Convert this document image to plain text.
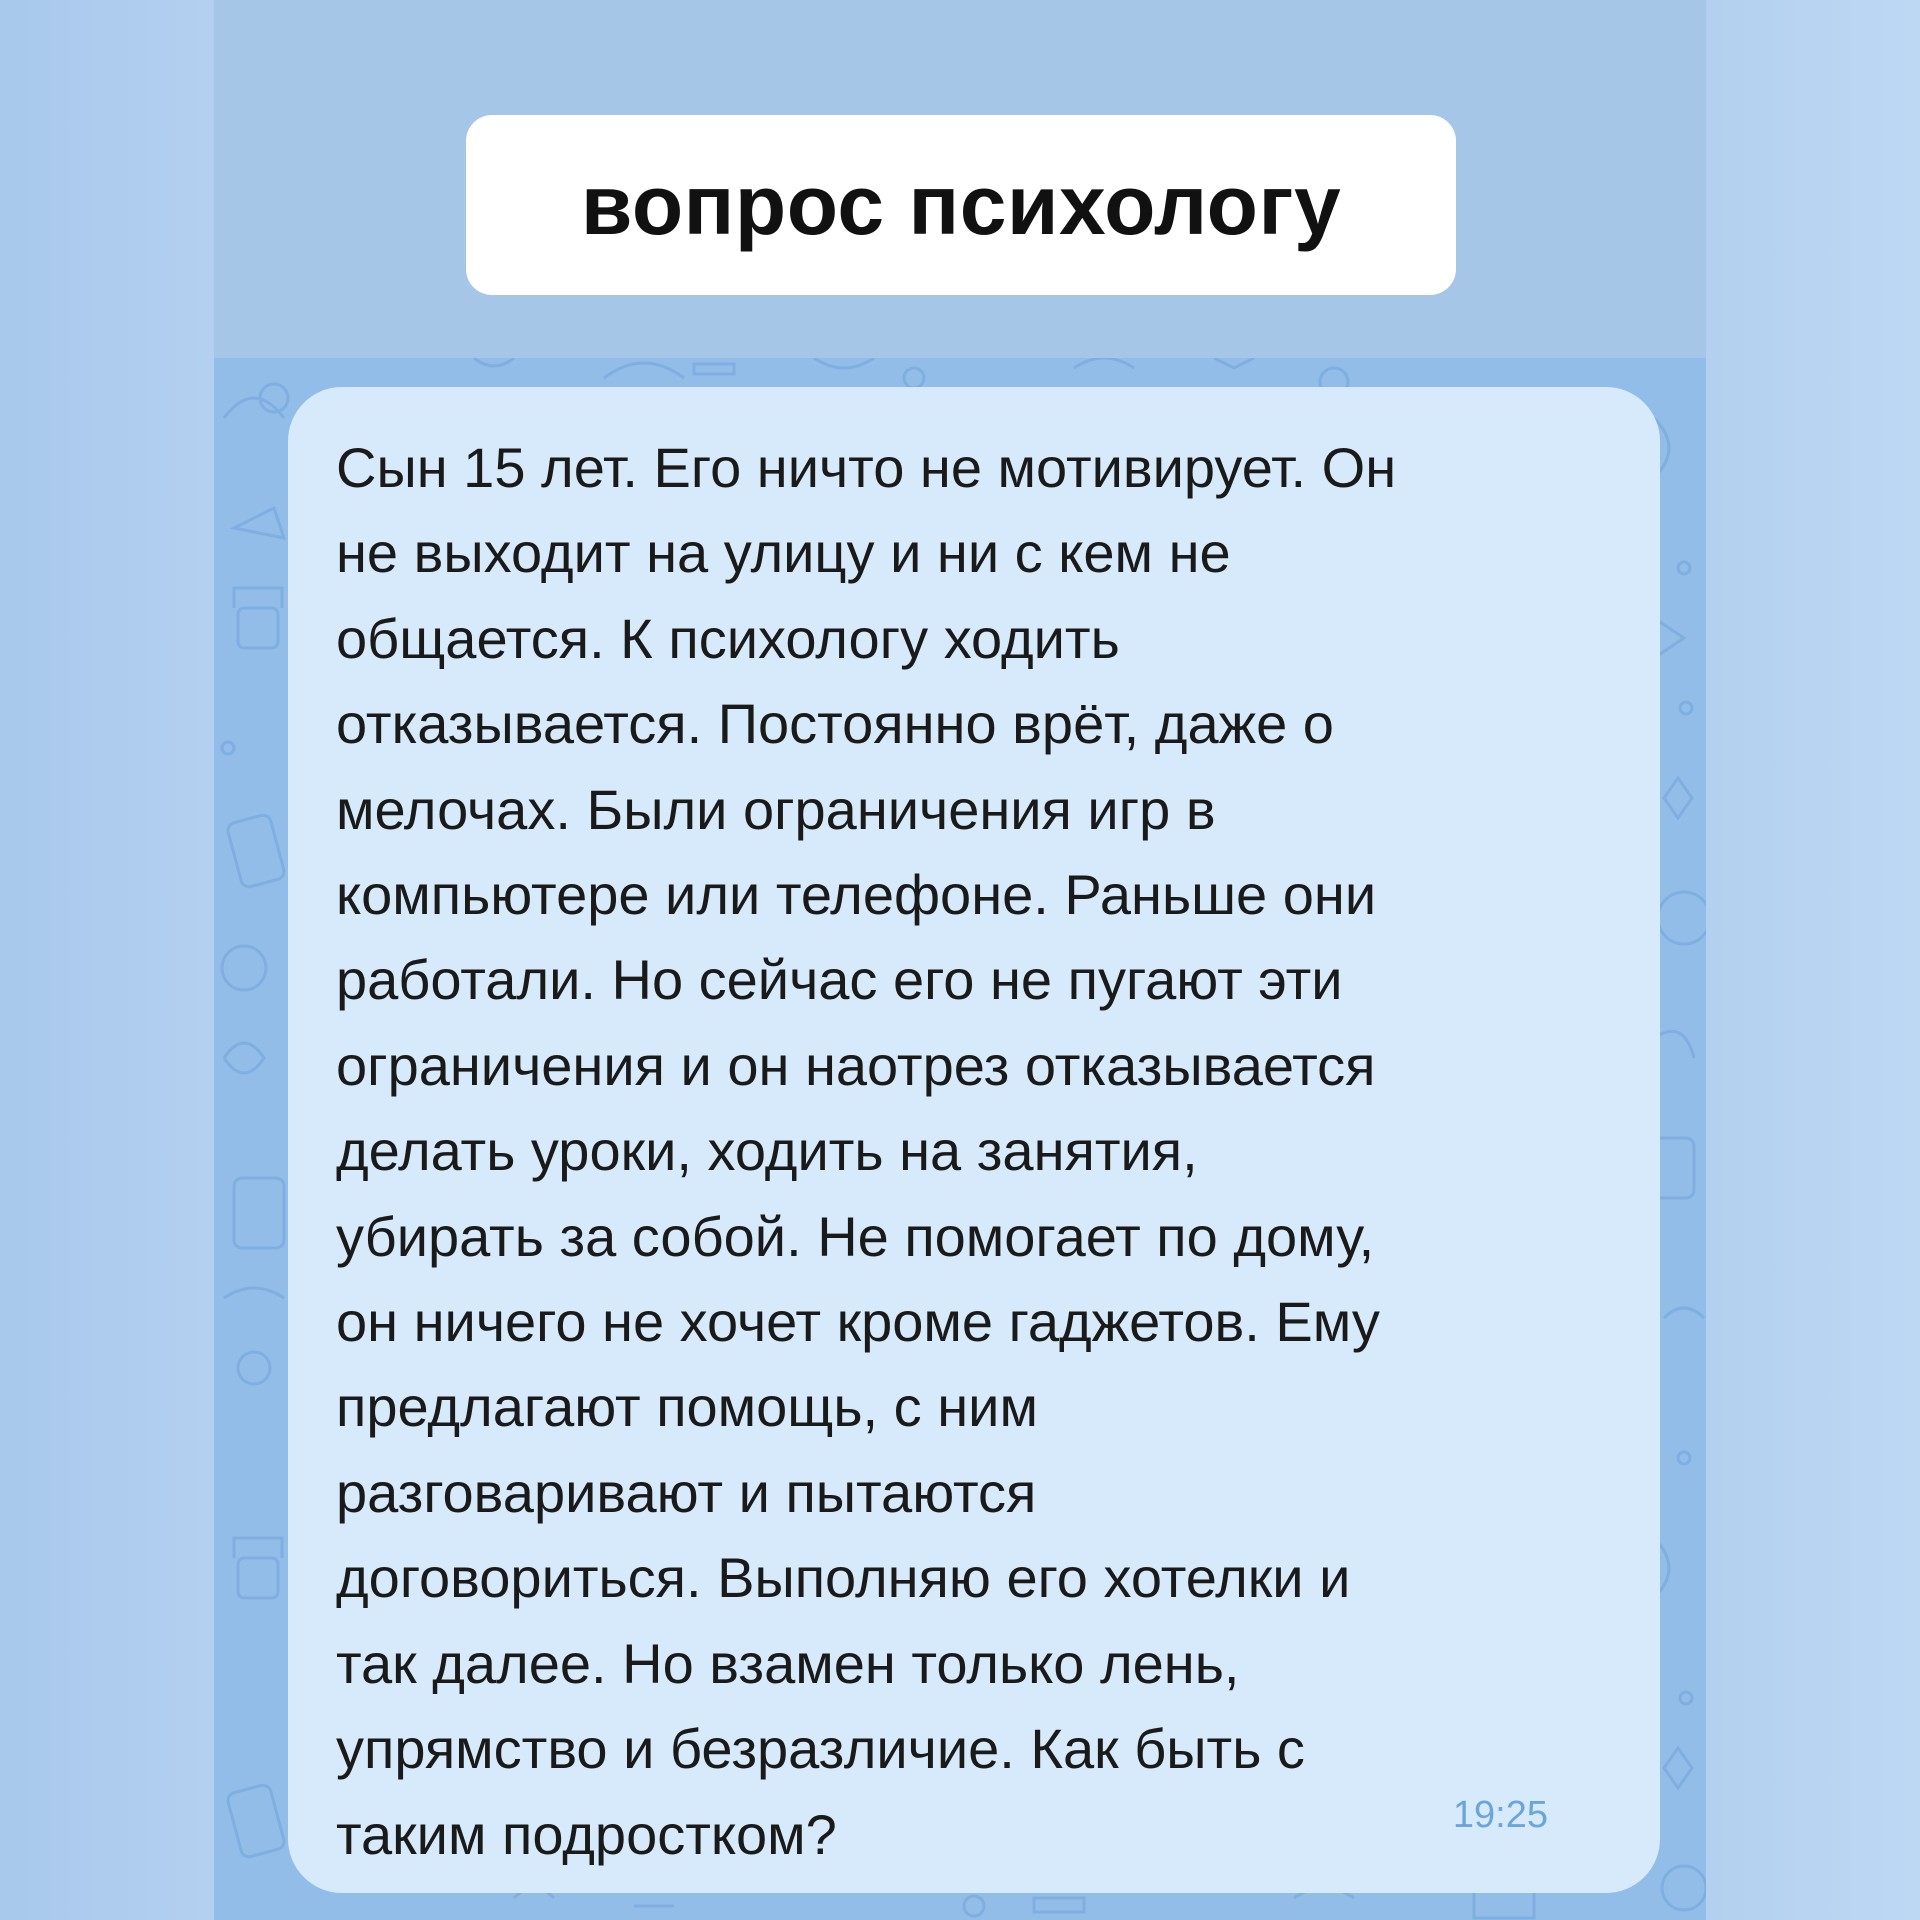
вопрос психологу

Сын 15 лет. Его ничто не мотивирует. Он
не выходит на улицу и ни с кем не
общается. К психологу ходить
отказывается. Постоянно врёт, даже о
мелочах. Были ограничения игр в
компьютере или телефоне. Раньше они
работали. Но сейчас его не пугают эти
ограничения и он наотрез отказывается
делать уроки, ходить на занятия,
убирать за собой. Не помогает по дому,
он ничего не хочет кроме гаджетов. Ему
предлагают помощь, с ним
разговаривают и пытаются
договориться. Выполняю его хотелки и
так далее. Но взамен только лень,
упрямство и безразличие. Как быть с
таким подростком?	19:25
